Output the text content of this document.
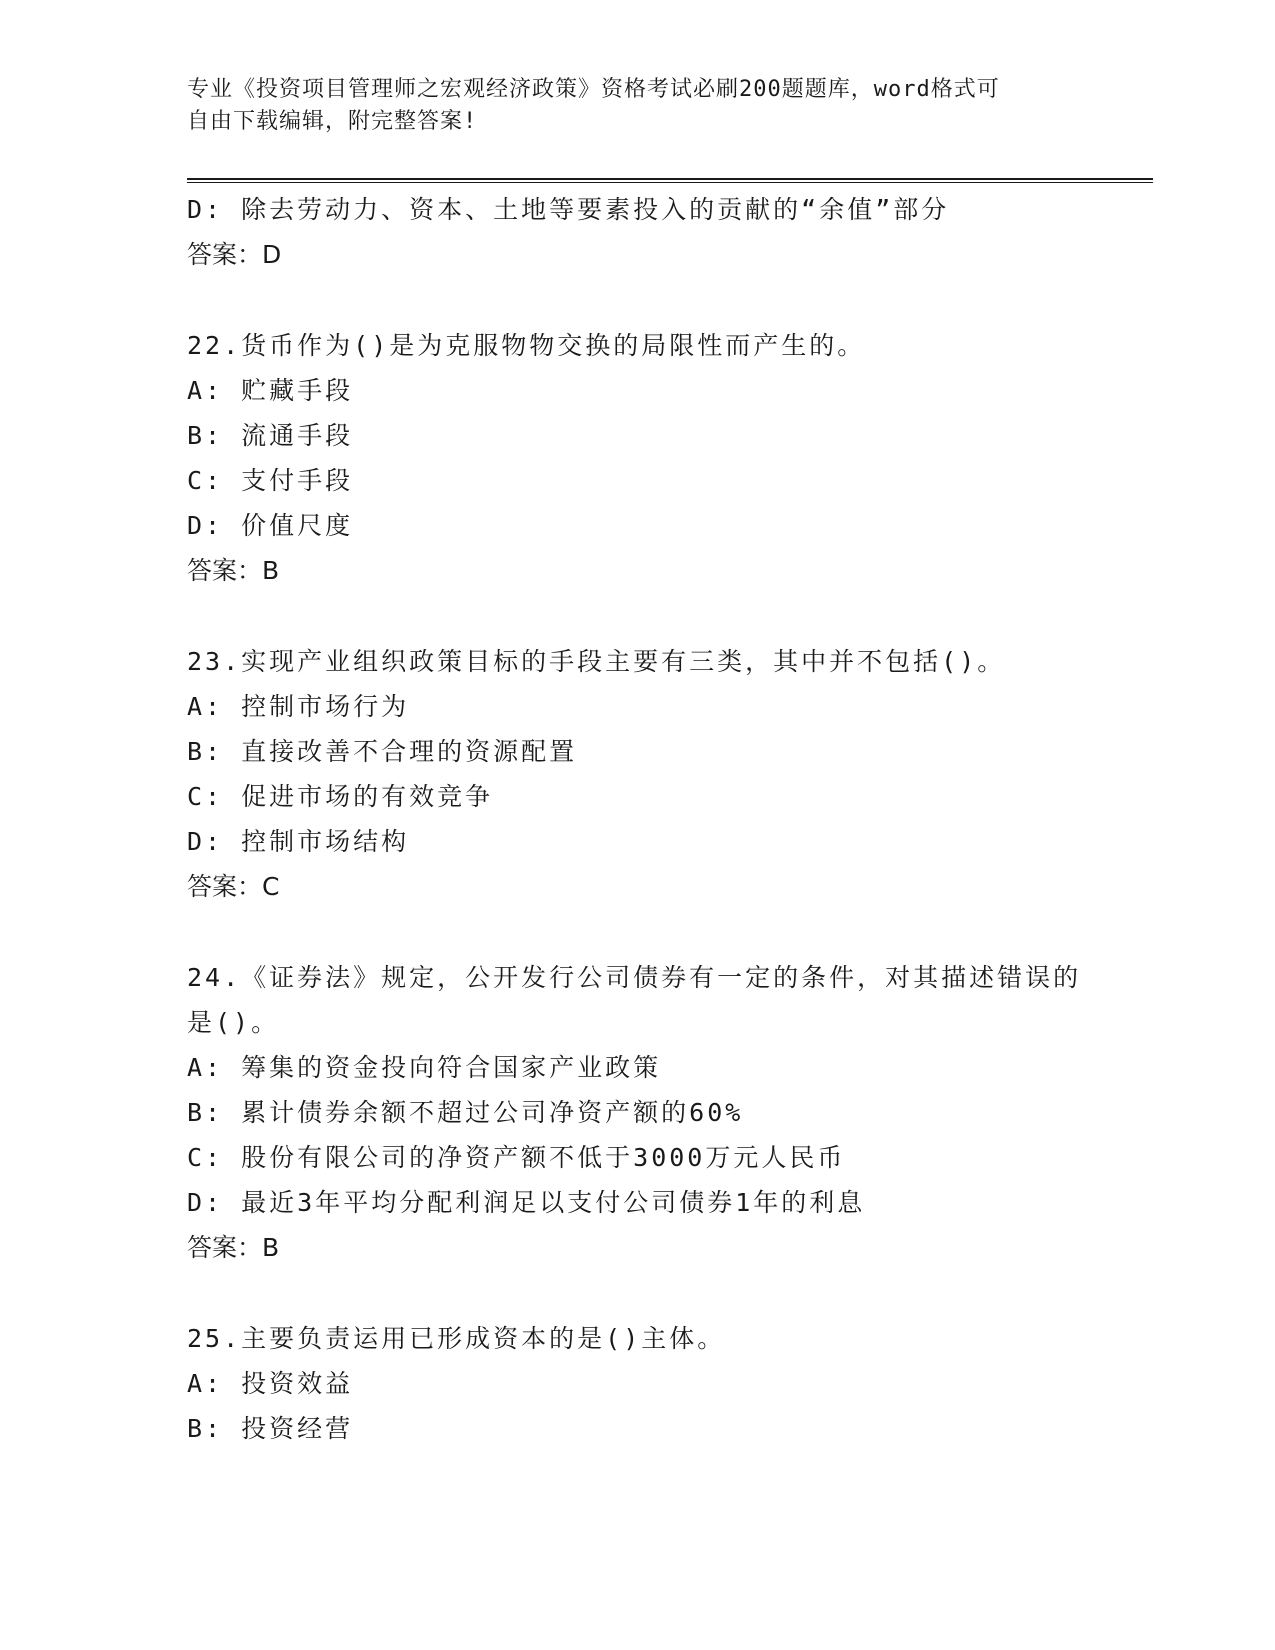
专业《投资项目管理师之宏观经济政策》资格考试必刷200题题库，word格式可
自由下载编辑，附完整答案!
D: 除去劳动力、资本、土地等要素投入的贡献的“余值”部分
答案：D
22.货币作为()是为克服物物交换的局限性而产生的。
A: 贮藏手段
B: 流通手段
C: 支付手段
D: 价值尺度
答案：B
23.实现产业组织政策目标的手段主要有三类，其中并不包括()。
A: 控制市场行为
B: 直接改善不合理的资源配置
C: 促进市场的有效竞争
D: 控制市场结构
答案：C
24.《证券法》规定，公开发行公司债券有一定的条件，对其描述错误的是()。
A: 筹集的资金投向符合国家产业政策
B: 累计债券余额不超过公司净资产额的60%
C: 股份有限公司的净资产额不低于3000万元人民币
D: 最近3年平均分配利润足以支付公司债券1年的利息
答案：B
25.主要负责运用已形成资本的是()主体。
A: 投资效益
B: 投资经营
